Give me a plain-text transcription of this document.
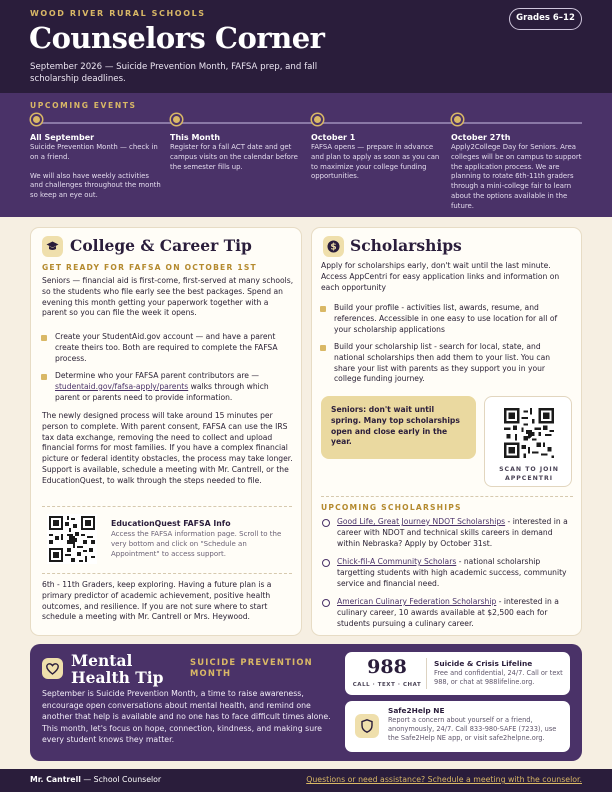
WOOD RIVER RURAL SCHOOLS
Counselors Corner
September 2026 — Suicide Prevention Month, FAFSA prep, and fall scholarship deadlines.
Grades 6–12
UPCOMING EVENTS
All September
Suicide Prevention Month — check in on a friend.
We will also have weekly activities and challenges throughout the month so keep an eye out.
This Month
Register for a fall ACT date and get campus visits on the calendar before the semester fills up.
October 1
FAFSA opens — prepare in advance and plan to apply as soon as you can to maximize your college funding opportunities.
October 27th
Apply2College Day for Seniors. Area colleges will be on campus to support the application process. We are planning to rotate 6th-11th graders through a mini-college fair to learn about the options available in the future.
College & Career Tip
GET READY FOR FAFSA ON OCTOBER 1ST
Seniors — financial aid is first-come, first-served at many schools, so the students who file early see the best packages. Spend an evening this month getting your paperwork together with a parent so you can file the week it opens.
Create your StudentAid.gov account — and have a parent create theirs too. Both are required to complete the FAFSA process.
Determine who your FAFSA parent contributors are — studentaid.gov/fafsa-apply/parents walks through which parent or parents need to provide information.
The newly designed process will take around 15 minutes per person to complete. With parent consent, FAFSA can use the IRS tax data exchange, removing the need to collect and upload financial forms for most families. If you have a complex financial picture or federal identity obstacles, the process may take longer. Support is available, schedule a meeting with Mr. Cantrell, or the EducationQuest, to walk through the steps needed to file.
EducationQuest FAFSA Info
Access the FAFSA information page. Scroll to the very bottom and click on "Schedule an Appointment" to access support.
6th - 11th Graders, keep exploring. Having a future plan is a primary predictor of academic achievement, positive health outcomes, and resilience. If you are not sure where to start schedule a meeting with Mr. Cantrell or Mrs. Heywood.
$ Scholarships
Apply for scholarships early, don't wait until the last minute. Access AppCentri for easy application links and information on each opportunity
Build your profile - activities list, awards, resume, and references. Accessible in one easy to use location for all of your scholarship applications
Build your scholarship list - search for local, state, and national scholarships then add them to your list. You can share your list with parents as they support you in your college funding journey.
Seniors: don't wait until spring. Many top scholarships open and close early in the year.
SCAN TO JOIN APPCENTRI
UPCOMING SCHOLARSHIPS
Good Life, Great Journey NDOT Scholarships - interested in a career with NDOT and technical skills careers in demand within Nebraska? Apply by October 31st.
Chick-fil-A Community Scholars - national scholarship targetting students with high academic success, community service and financial need.
American Culinary Federation Scholarship - interested in a culinary career, 10 awards available at $2,500 each for students pursuing a culinary career.
Mental Health Tip
SUICIDE PREVENTION MONTH
September is Suicide Prevention Month, a time to raise awareness, encourage open conversations about mental health, and remind one another that help is available and no one has to face difficult times alone. This month, let's focus on hope, connection, kindness, and making sure every student knows they matter.
988
CALL · TEXT · CHAT
Suicide & Crisis Lifeline
Free and confidential, 24/7. Call or text 988, or chat at 988lifeline.org.
Safe2Help NE
Report a concern about yourself or a friend, anonymously, 24/7. Call 833-980-SAFE (7233), use the Safe2Help NE app, or visit safe2helpne.org.
Mr. Cantrell — School Counselor	Questions or need assistance? Schedule a meeting with the counselor.
